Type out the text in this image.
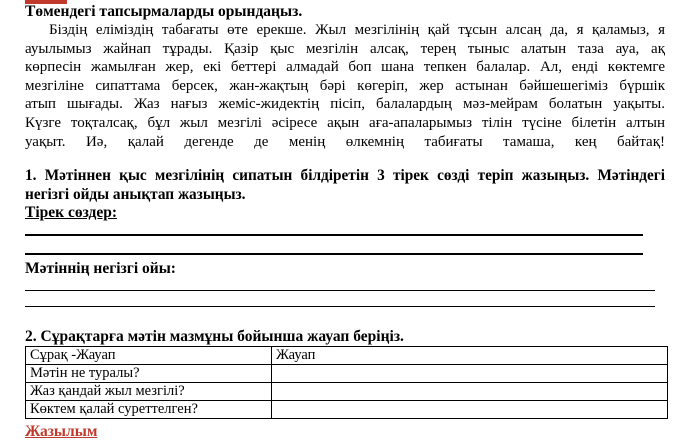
Төмендегі тапсырмаларды орындаңыз.
Біздің еліміздің табағаты өте ерекше. Жыл мезгілінің қай тұсын алсаң да, я қаламыз, я
ауылымыз жайнап тұрады. Қазір қыс мезгілін алсақ, терең тыныс алатын таза ауа, ақ
көрпесін жамылған жер, екі беттері алмадай боп шана тепкен балалар. Ал, енді көктемге
мезгіліне сипаттама берсек, жан-жақтың бәрі көгеріп, жер астынан бәйшешегіміз бүршік
атып шығады. Жаз нағыз жеміс-жидектің пісіп, балалардың мәз-мейрам болатын уақыты.
Күзге тоқталсақ, бұл жыл мезгілі әсіресе ақын аға-апаларымыз тілін түсіне білетін алтын
уақыт. Иә, қалай дегенде де менің өлкемнің табиғаты тамаша, кең байтақ!
1. Мәтіннен қыс мезгілінің сипатын білдіретін 3 тірек сөзді теріп жазыңыз. Мәтіндегі
негізгі ойды анықтап жазыңыз.
Тірек сөздер:
Мәтіннің негізгі ойы:
2. Сұрақтарға мәтін мазмұны бойынша жауап беріңіз.
Сұрақ -Жауап	Жауап
Мәтін не туралы?	
Жаз қандай жыл мезгілі?	
Көктем қалай суреттелген?	
Жазылым
